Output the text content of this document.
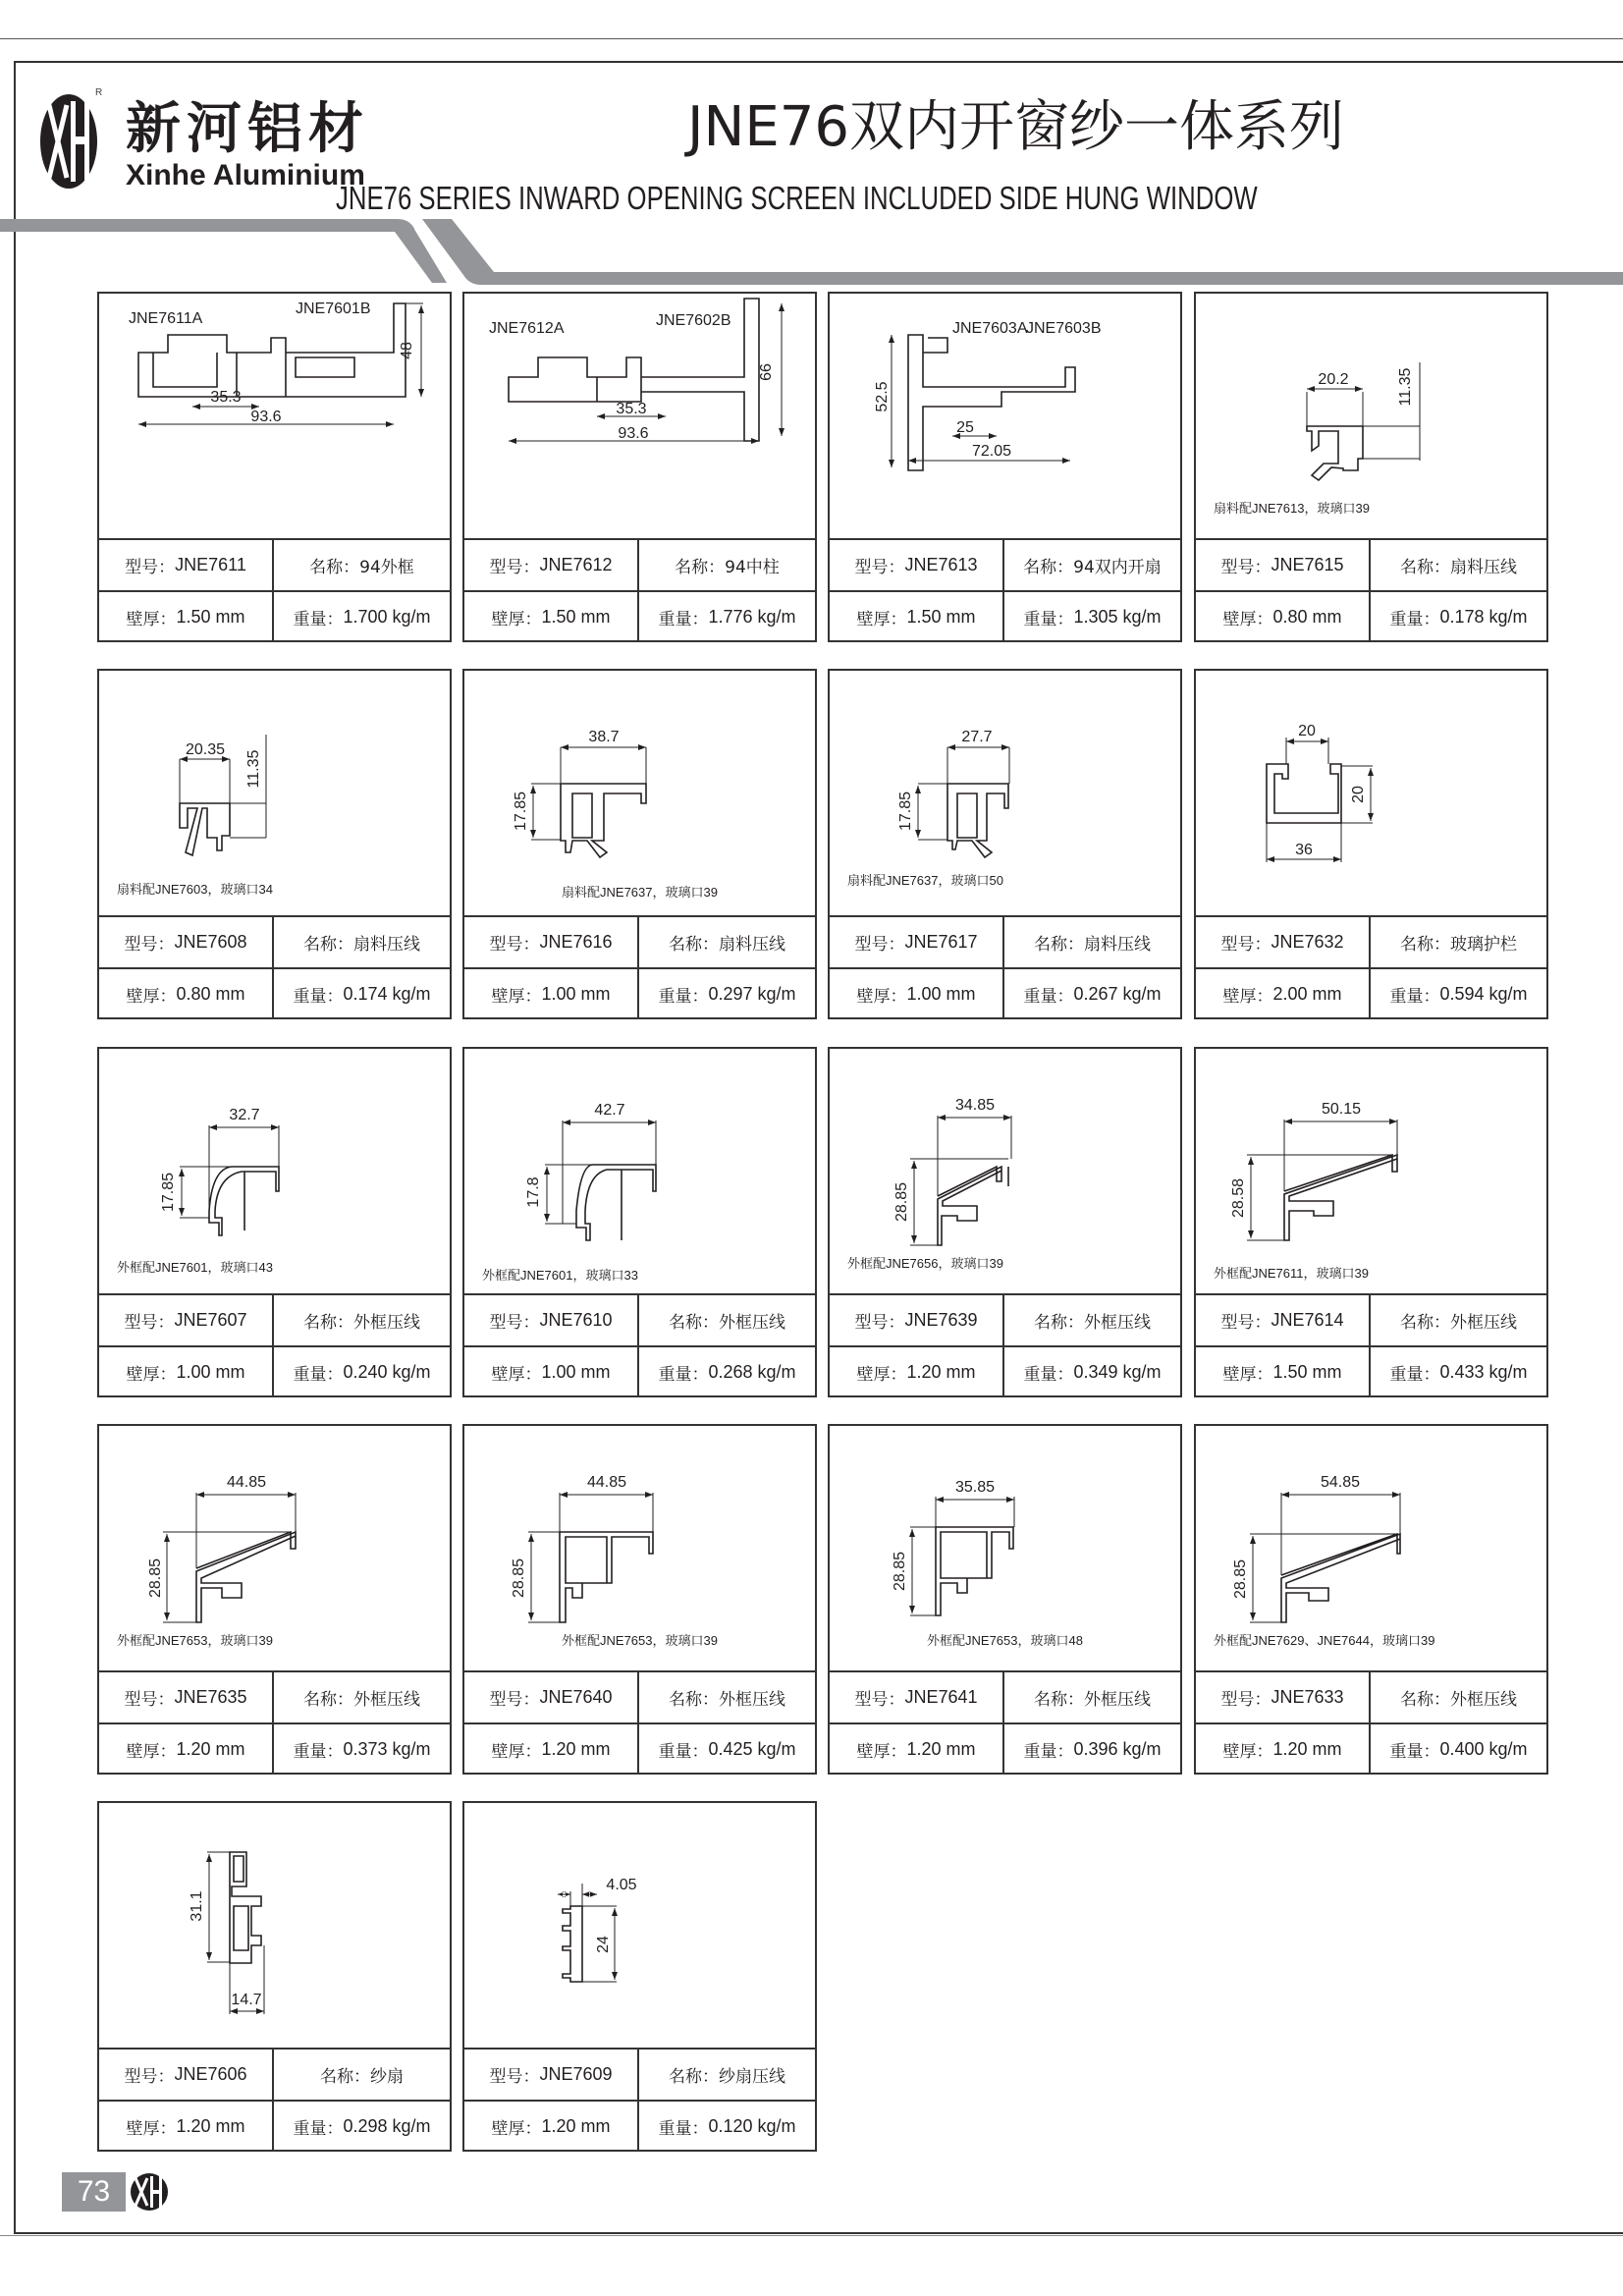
R
新河铝材
Xinhe Aluminium
JNE76双内开窗纱一体系列
JNE76 SERIES INWARD OPENING SCREEN INCLUDED SIDE HUNG WINDOW
35.3
93.6
48
JNE7611A
JNE7601B
型号： JNE7611	名称： 94外框
壁厚： 1.50 mm	重量： 1.700 kg/m
35.3
93.6
66
JNE7612A	JNE7602B
型号： JNE7612	名称： 94中柱
壁厚： 1.50 mm	重量： 1.776 kg/m
25
72.05
52.5
JNE7603A
JNE7603B
型号： JNE7613	名称： 94双内开扇
壁厚： 1.50 mm	重量： 1.305 kg/m
20.2	11.35
扇料配JNE7613，玻璃口39
型号： JNE7615	名称： 扇料压线
壁厚： 0.80 mm	重量： 0.178 kg/m
20.35
11.35
扇料配JNE7603，玻璃口34
型号： JNE7608	名称： 扇料压线
壁厚： 0.80 mm	重量： 0.174 kg/m
38.7
17.85
扇料配JNE7637，玻璃口39
型号： JNE7616	名称： 扇料压线
壁厚： 1.00 mm	重量： 0.297 kg/m
27.7
17.85
扇料配JNE7637，玻璃口50
型号： JNE7617	名称： 扇料压线
壁厚： 1.00 mm	重量： 0.267 kg/m
20
36
20
型号： JNE7632	名称： 玻璃护栏
壁厚： 2.00 mm	重量： 0.594 kg/m
32.7
17.85
外框配JNE7601，玻璃口43
型号： JNE7607	名称： 外框压线
壁厚： 1.00 mm	重量： 0.240 kg/m
42.7
17.8
外框配JNE7601，玻璃口33
型号： JNE7610	名称： 外框压线
壁厚： 1.00 mm	重量： 0.268 kg/m
34.85
28.85
外框配JNE7656，玻璃口39
型号： JNE7639	名称： 外框压线
壁厚： 1.20 mm	重量： 0.349 kg/m
50.15
28.58
外框配JNE7611，玻璃口39
型号： JNE7614	名称： 外框压线
壁厚： 1.50 mm	重量： 0.433 kg/m
44.85
28.85
外框配JNE7653，玻璃口39
型号： JNE7635	名称： 外框压线
壁厚： 1.20 mm	重量： 0.373 kg/m
44.85
28.85
外框配JNE7653，玻璃口39
型号： JNE7640	名称： 外框压线
壁厚： 1.20 mm	重量： 0.425 kg/m
35.85
28.85
外框配JNE7653，玻璃口48
型号： JNE7641	名称： 外框压线
壁厚： 1.20 mm	重量： 0.396 kg/m
54.85
28.85
外框配JNE7629、JNE7644，玻璃口39
型号： JNE7633	名称： 外框压线
壁厚： 1.20 mm	重量： 0.400 kg/m
31.1
14.7
型号： JNE7606	名称： 纱扇
壁厚： 1.20 mm	重量： 0.298 kg/m
4.05
24
型号： JNE7609	名称： 纱扇压线
壁厚： 1.20 mm	重量： 0.120 kg/m
73
